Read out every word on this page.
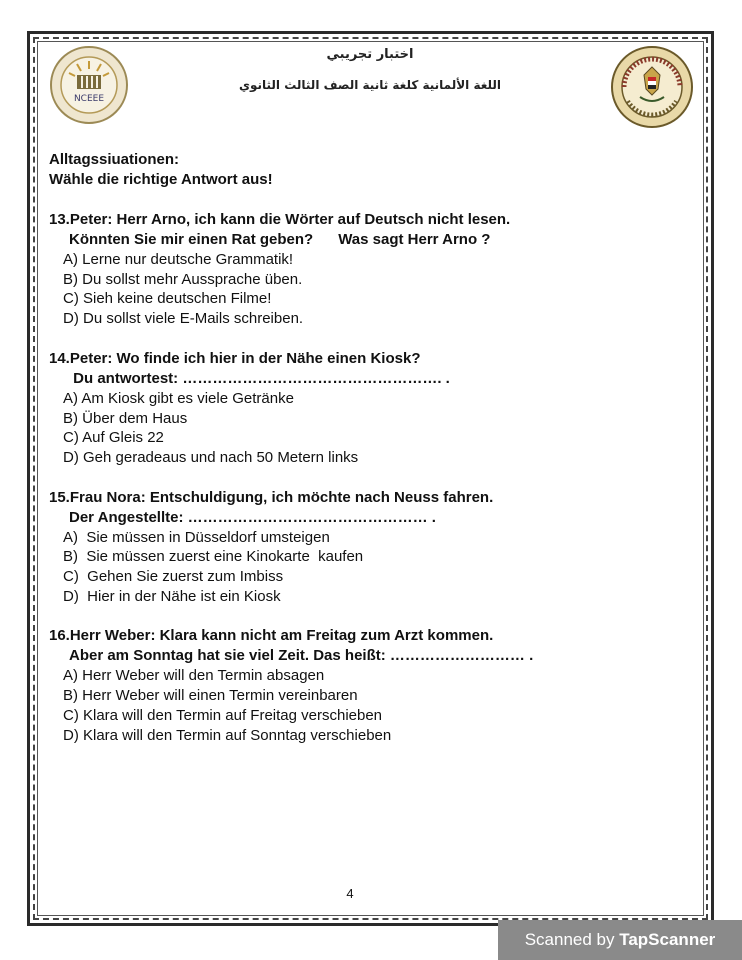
NCEEE
اختبار تجريبي
اللغة الألمانية كلغة ثانية الصف الثالث الثانوي
Alltagssiuationen:
Wähle die richtige Antwort aus!
13.Peter: Herr Arno, ich kann die Wörter auf Deutsch nicht lesen.
Könnten Sie mir einen Rat geben?      Was sagt Herr Arno ?
A) Lerne nur deutsche Grammatik!
B) Du sollst mehr Aussprache üben.
C) Sieh keine deutschen Filme!
D) Du sollst viele E-Mails schreiben.
14.Peter: Wo finde ich hier in der Nähe einen Kiosk?
Du antwortest: ……………………………………………. .
A) Am Kiosk gibt es viele Getränke
B) Über dem Haus
C) Auf Gleis 22
D) Geh geradeaus und nach 50 Metern links
15.Frau Nora: Entschuldigung, ich möchte nach Neuss fahren.
Der Angestellte: ………………………………………… .
A)  Sie müssen in Düsseldorf umsteigen
B)  Sie müssen zuerst eine Kinokarte  kaufen
C)  Gehen Sie zuerst zum Imbiss
D)  Hier in der Nähe ist ein Kiosk
16.Herr Weber: Klara kann nicht am Freitag zum Arzt kommen.
Aber am Sonntag hat sie viel Zeit. Das heißt: ……………………… .
A) Herr Weber will den Termin absagen
B) Herr Weber will einen Termin vereinbaren
C) Klara will den Termin auf Freitag verschieben
D) Klara will den Termin auf Sonntag verschieben
4
Scanned by TapScanner
